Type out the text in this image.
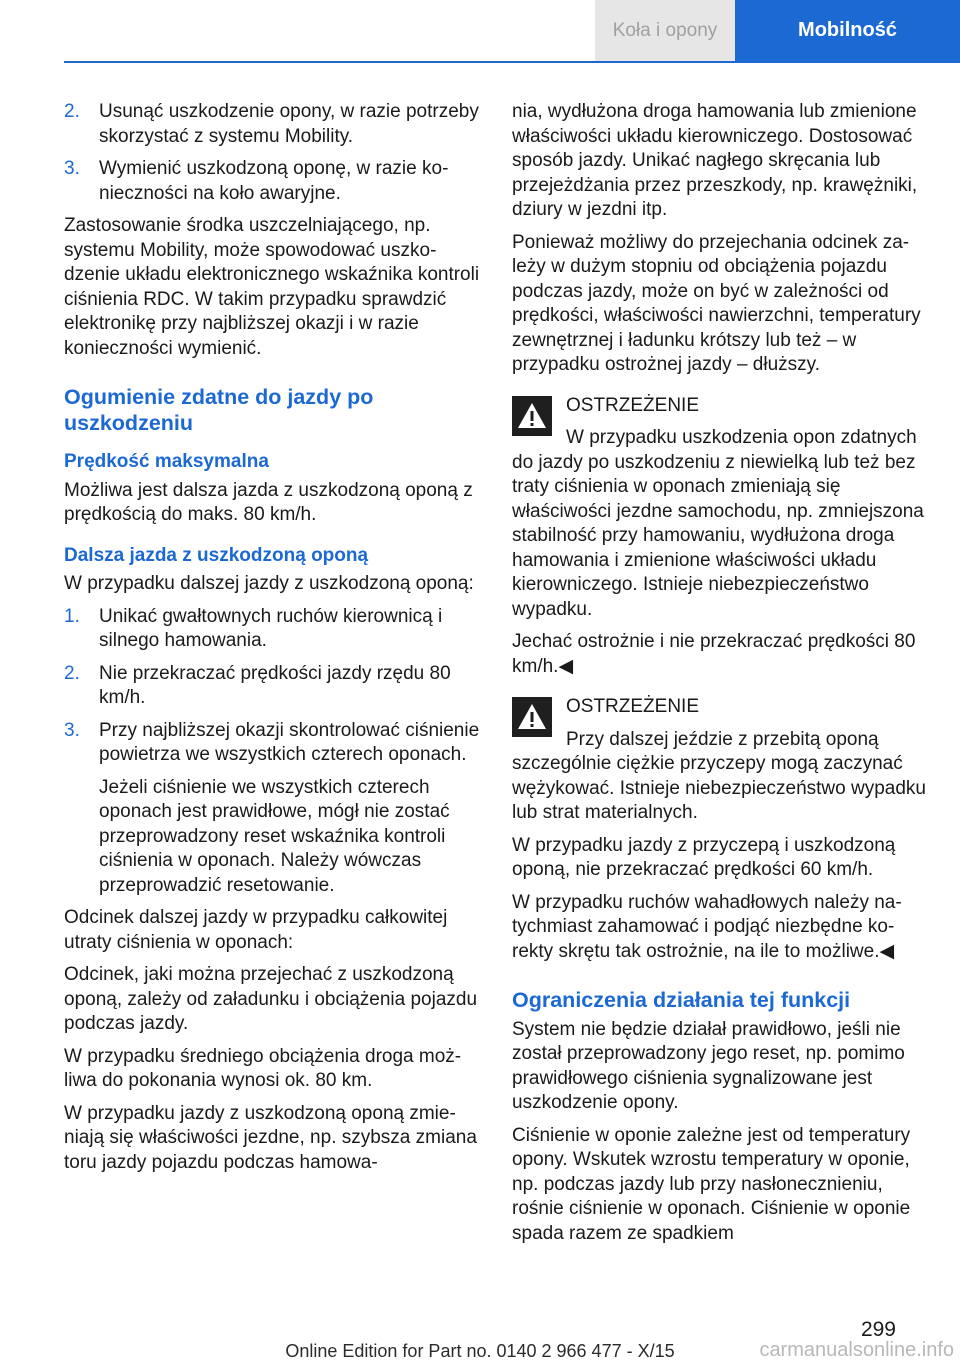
Koła i opony	Mobilność
2.	Usunąć uszkodzenie opony, w razie potrzeby skorzystać z systemu Mobility.
3.	Wymienić uszkodzoną oponę, w razie konieczności na koło awaryjne.

Zastosowanie środka uszczelniającego, np. systemu Mobility, może spowodować uszkodzenie układu elektronicznego wskaźnika kontroli ciśnienia RDC. W takim przypadku sprawdzić elektronikę przy najbliższej okazji i w razie konieczności wymienić.

Ogumienie zdatne do jazdy po uszkodzeniu
Prędkość maksymalna

Możliwa jest dalsza jazda z uszkodzoną oponą z prędkością do maks. 80 km/h.

Dalsza jazda z uszkodzoną oponą

W przypadku dalszej jazdy z uszkodzoną oponą:

1.	Unikać gwałtownych ruchów kierownicą i silnego hamowania.
2.	Nie przekraczać prędkości jazdy rzędu 80 km/h.
3.	Przy najbliższej okazji skontrolować ciśnienie powietrza we wszystkich czterech oponach.
Jeżeli ciśnienie we wszystkich czterech oponach jest prawidłowe, mógł nie zostać przeprowadzony reset wskaźnika kontroli ciśnienia w oponach. Należy wówczas przeprowadzić resetowanie.

Odcinek dalszej jazdy w przypadku całkowitej utraty ciśnienia w oponach:

Odcinek, jaki można przejechać z uszkodzoną oponą, zależy od załadunku i obciążenia pojazdu podczas jazdy.

W przypadku średniego obciążenia droga możliwa do pokonania wynosi ok. 80 km.

W przypadku jazdy z uszkodzoną oponą zmieniają się właściwości jezdne, np. szybsza zmiana toru jazdy pojazdu podczas hamowa-

nia, wydłużona droga hamowania lub zmienione właściwości układu kierowniczego. Dostosować sposób jazdy. Unikać nagłego skręcania lub przejeżdżania przez przeszkody, np. krawężniki, dziury w jezdni itp.

Ponieważ możliwy do przejechania odcinek zależy w dużym stopniu od obciążenia pojazdu podczas jazdy, może on być w zależności od prędkości, właściwości nawierzchni, temperatury zewnętrznej i ładunku krótszy lub też – w przypadku ostrożnej jazdy – dłuższy.

OSTRZEŻENIE

W przypadku uszkodzenia opon zdatnych do jazdy po uszkodzeniu z niewielką lub też bez traty ciśnienia w oponach zmieniają się właściwości jezdne samochodu, np. zmniejszona stabilność przy hamowaniu, wydłużona droga hamowania i zmienione właściwości układu kierowniczego. Istnieje niebezpieczeństwo wypadku.

Jechać ostrożnie i nie przekraczać prędkości 80 km/h.◀

OSTRZEŻENIE

Przy dalszej jeździe z przebitą oponą szczególnie ciężkie przyczepy mogą zaczynać wężykować. Istnieje niebezpieczeństwo wypadku lub strat materialnych.

W przypadku jazdy z przyczepą i uszkodzoną oponą, nie przekraczać prędkości 60 km/h.

W przypadku ruchów wahadłowych należy natychmiast zahamować i podjąć niezbędne korekty skrętu tak ostrożnie, na ile to możliwe.◀

Ograniczenia działania tej funkcji

System nie będzie działał prawidłowo, jeśli nie został przeprowadzony jego reset, np. pomimo prawidłowego ciśnienia sygnalizowane jest uszkodzenie opony.

Ciśnienie w oponie zależne jest od temperatury opony. Wskutek wzrostu temperatury w oponie, np. podczas jazdy lub przy nasłonecznieniu, rośnie ciśnienie w oponach. Ciśnienie w oponie spada razem ze spadkiem

299
Online Edition for Part no. 0140 2 966 477 - X/15	carmanualsonline.info
